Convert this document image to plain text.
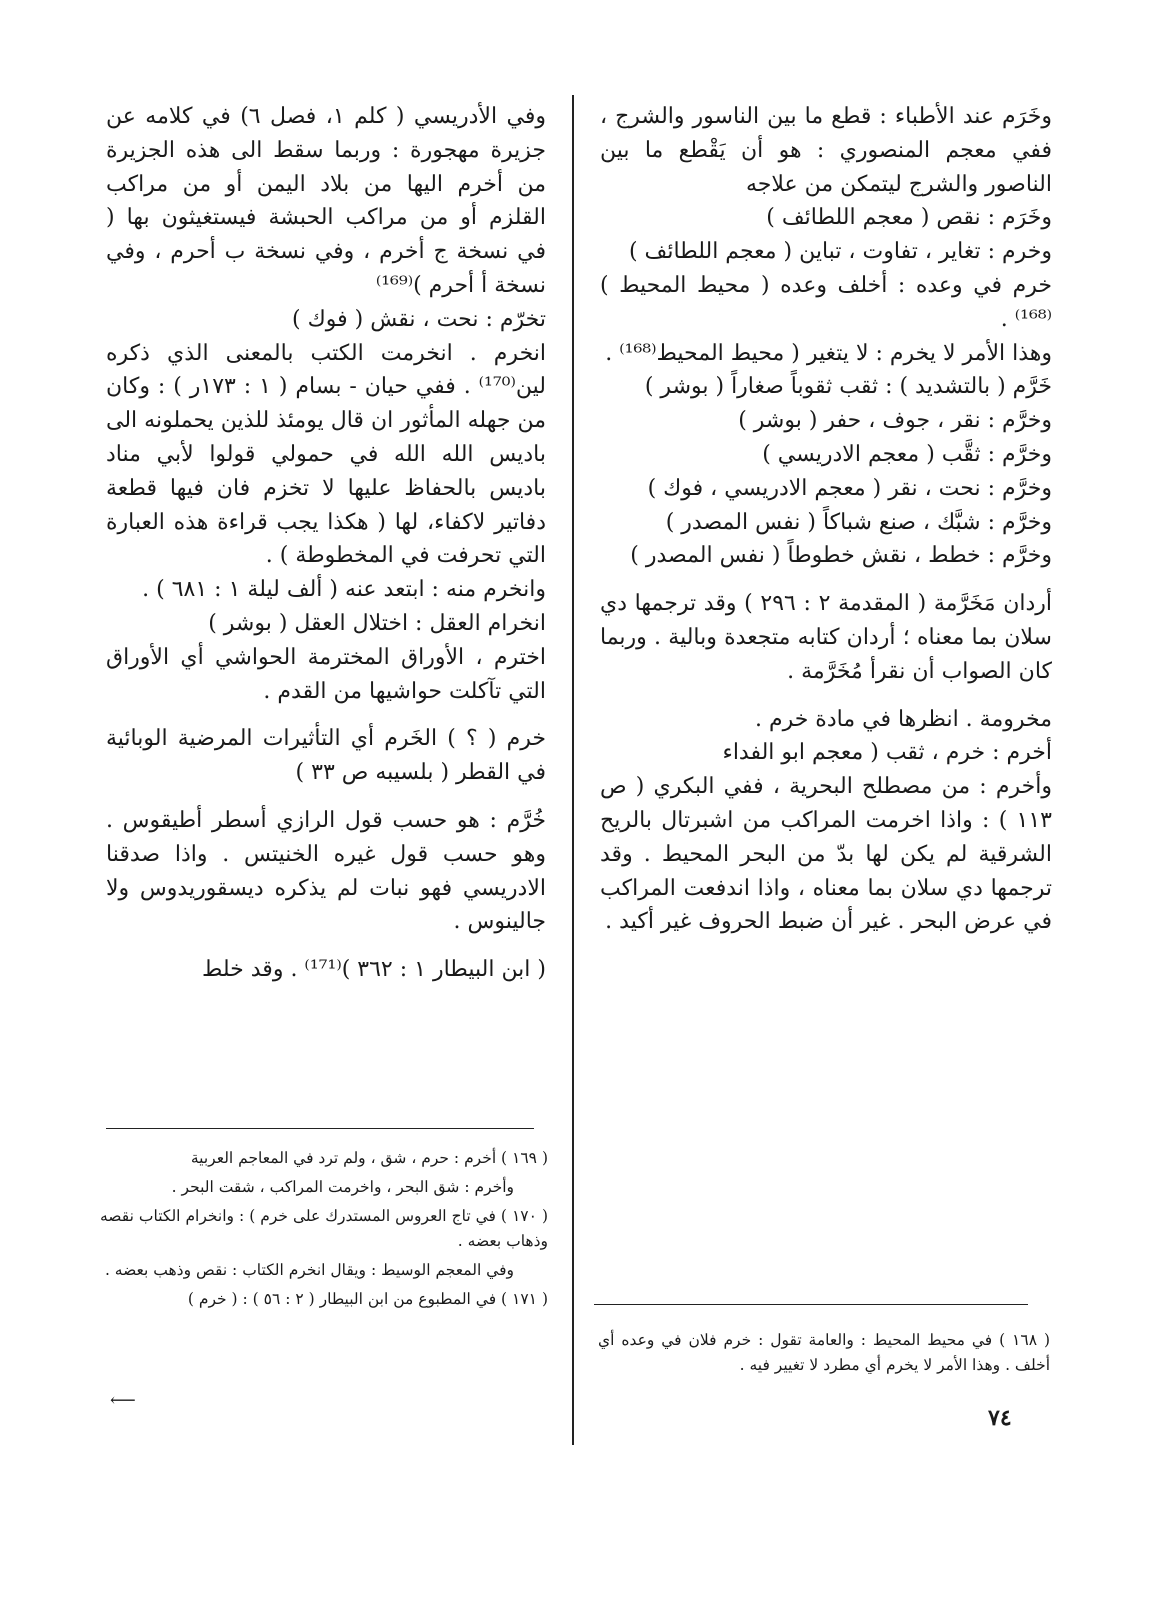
وخَرَم عند الأطباء : قطع ما بين الناسور والشرج ، ففي معجم المنصوري : هو أن يَقْطع ما بين الناصور والشرج ليتمكن من علاجه

وخَرَم : نقص ( معجم اللطائف )

وخرم : تغاير ، تفاوت ، تباين ( معجم اللطائف )

خرم في وعده : أخلف وعده ( محيط المحيط )⁽¹⁶⁸⁾ .

وهذا الأمر لا يخرم : لا يتغير ( محيط المحيط⁽¹⁶⁸⁾ .

خَرَّم ( بالتشديد ) : ثقب ثقوباً صغاراً ( بوشر )

وخرَّم : نقر ، جوف ، حفر ( بوشر )

وخرَّم : ثقَّب ( معجم الادريسي )

وخرَّم : نحت ، نقر ( معجم الادريسي ، فوك )

وخرَّم : شبَّك ، صنع شباكاً ( نفس المصدر )

وخرَّم : خطط ، نقش خطوطاً ( نفس المصدر )

أردان مَخَرَّمة ( المقدمة ٢ : ٢٩٦ ) وقد ترجمها دي سلان بما معناه ؛ أردان كتابه متجعدة وبالية . وربما كان الصواب أن نقرأ مُخَرَّمة .

مخرومة . انظرها في مادة خرم .

أخرم : خرم ، ثقب ( معجم ابو الفداء

وأخرم : من مصطلح البحرية ، ففي البكري ( ص ١١٣ ) : واذا اخرمت المراكب من اشبرتال بالريح الشرقية لم يكن لها بدّ من البحر المحيط . وقد ترجمها دي سلان بما معناه ، واذا اندفعت المراكب في عرض البحر . غير أن ضبط الحروف غير أكيد .

وفي الأدريسي ( كلم ١، فصل ٦) في كلامه عن جزيرة مهجورة : وربما سقط الى هذه الجزيرة من أخرم اليها من بلاد اليمن أو من مراكب القلزم أو من مراكب الحبشة فيستغيثون بها ( في نسخة ج أخرم ، وفي نسخة ب أحرم ، وفي نسخة أ أحرم )⁽¹⁶⁹⁾

تخرّم : نحت ، نقش ( فوك )

انخرم . انخرمت الكتب بالمعنى الذي ذكره لين⁽¹⁷⁰⁾ . ففي حيان - بسام ( ١ : ١٧٣ر ) : وكان من جهله المأثور ان قال يومئذ للذين يحملونه الى باديس الله الله في حمولي قولوا لأبي مناد باديس بالحفاظ عليها لا تخزم فان فيها قطعة دفاتير لاكفاء، لها ( هكذا يجب قراءة هذه العبارة التي تحرفت في المخطوطة ) .

وانخرم منه : ابتعد عنه ( ألف ليلة ١ : ٦٨١ ) .

انخرام العقل : اختلال العقل ( بوشر )

اخترم ، الأوراق المخترمة الحواشي أي الأوراق التي تآكلت حواشيها من القدم .

خرم ( ؟ ) الخَرم أي التأثيرات المرضية الوبائية في القطر ( بلسيبه ص ٣٣ )

خُرَّم : هو حسب قول الرازي أسطر أطيقوس . وهو حسب قول غيره الخنيتس . واذا صدقنا الادريسي فهو نبات لم يذكره ديسقوريدوس ولا جالينوس .

( ابن البيطار ١ : ٣٦٢ )⁽¹⁷¹⁾ . وقد خلط

( ١٦٩ ) أخرم : حرم ، شق ، ولم ترد في المعاجم العربية

وأخرم : شق البحر ، واخرمت المراكب ، شقت البحر .

( ١٧٠ ) في تاج العروس المستدرك على خرم ) : وانخرام الكتاب نقصه وذهاب بعضه .

وفي المعجم الوسيط : ويقال انخرم الكتاب : نقص وذهب بعضه .

( ١٧١ ) في المطبوع من ابن البيطار ( ٢ : ٥٦ ) : ( خرم )

⟵

( ١٦٨ ) في محيط المحيط : والعامة تقول : خرم فلان في وعده أي أخلف . وهذا الأمر لا يخرم أي مطرد لا تغيير فيه .

٧٤
